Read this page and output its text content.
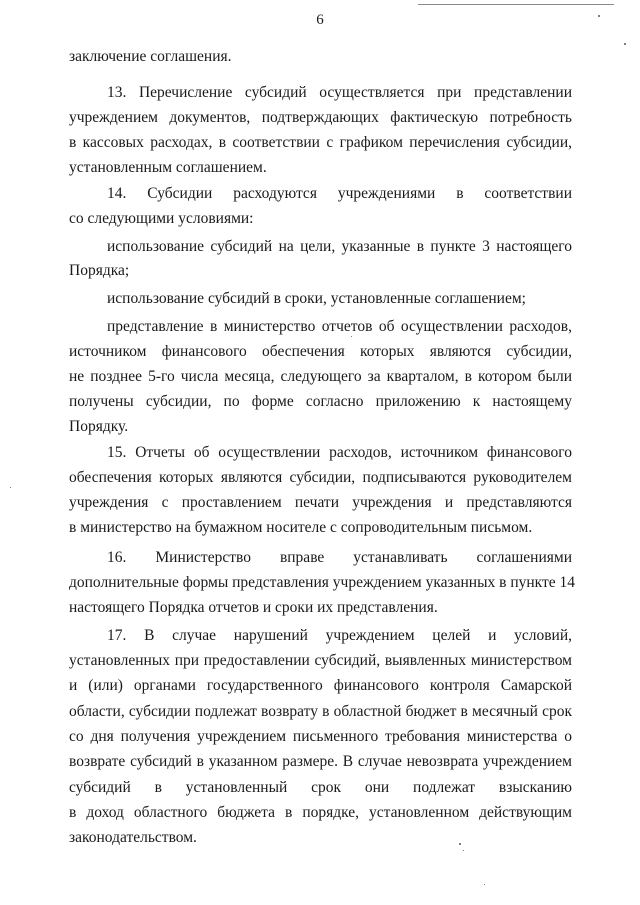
6
заключение соглашения.
13. Перечисление субсидий осуществляется при представлении
учреждением документов, подтверждающих фактическую потребность
в кассовых расходах, в соответствии с графиком перечисления субсидии,
установленным соглашением.
14. Субсидии расходуются учреждениями в соответствии
со следующими условиями:
использование субсидий на цели, указанные в пункте 3 настоящего
Порядка;
использование субсидий в сроки, установленные соглашением;
представление в министерство отчетов об осуществлении расходов,
источником финансового обеспечения которых являются субсидии,
не позднее 5-го числа месяца, следующего за кварталом, в котором были
получены субсидии, по форме согласно приложению к настоящему
Порядку.
15. Отчеты об осуществлении расходов, источником финансового
обеспечения которых являются субсидии, подписываются руководителем
учреждения с проставлением печати учреждения и представляются
в министерство на бумажном носителе с сопроводительным письмом.
16. Министерство вправе устанавливать соглашениями
дополнительные формы представления учреждением указанных в пункте 14
настоящего Порядка отчетов и сроки их представления.
17. В случае нарушений учреждением целей и условий,
установленных при предоставлении субсидий, выявленных министерством
и (или) органами государственного финансового контроля Самарской
области, субсидии подлежат возврату в областной бюджет в месячный срок
со дня получения учреждением письменного требования министерства о
возврате субсидий в указанном размере. В случае невозврата учреждением
субсидий в установленный срок они подлежат взысканию
в доход областного бюджета в порядке, установленном действующим
законодательством.
